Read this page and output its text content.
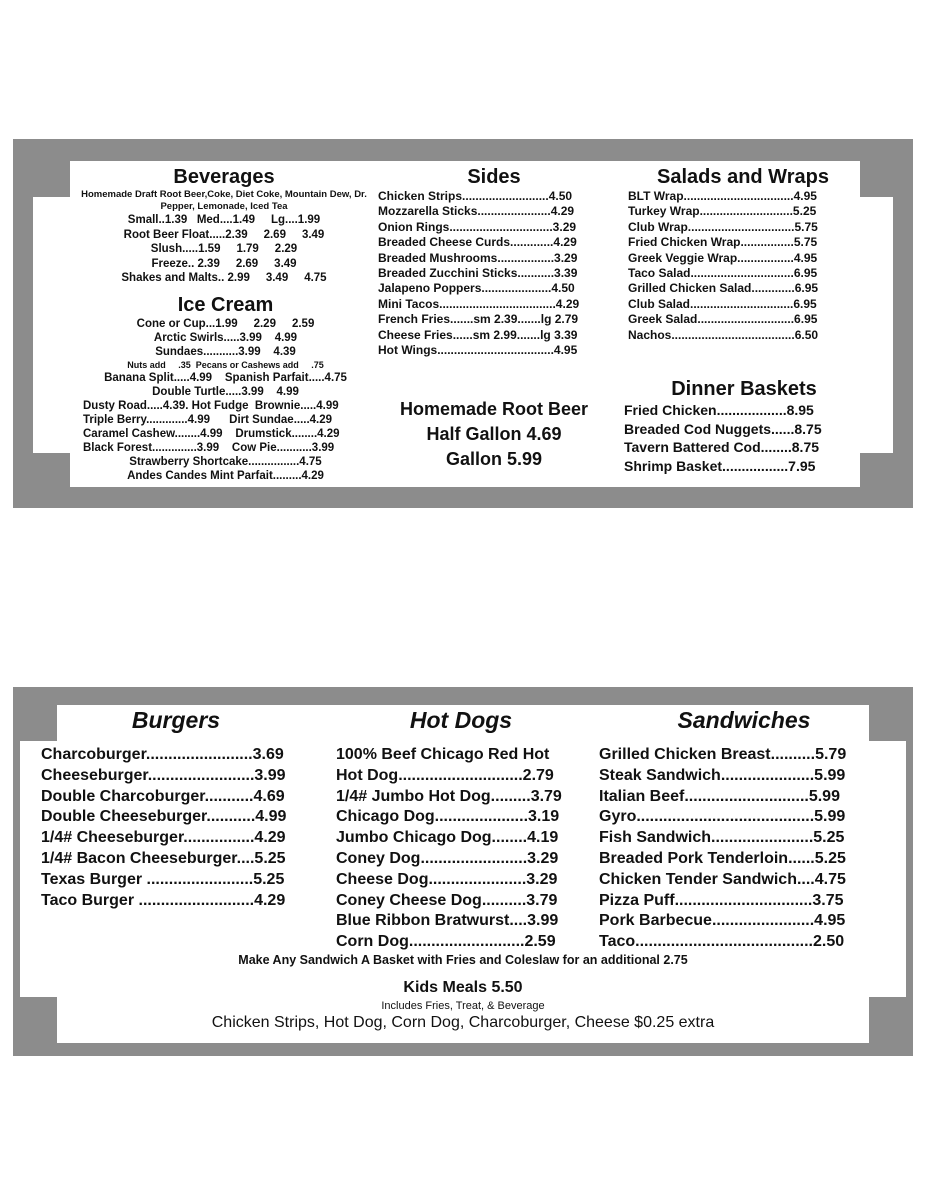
Beverages
Homemade Draft Root Beer,Coke, Diet Coke, Mountain Dew, Dr. Pepper, Lemonade, Iced Tea
Small..1.39   Med....1.49     Lg....1.99
Root Beer Float.....2.39     2.69     3.49
Slush.....1.59     1.79     2.29
Freeze.. 2.39     2.69     3.49
Shakes and Malts.. 2.99     3.49     4.75
Ice Cream
Cone or Cup...1.99     2.29     2.59
Arctic Swirls.....3.99    4.99
Sundaes...........3.99    4.39
Nuts add     .35  Pecans or Cashews add     .75
Banana Split.....4.99    Spanish Parfait.....4.75
Double Turtle.....3.99    4.99
Dusty Road.....4.39. Hot Fudge  Brownie.....4.99
Triple Berry.............4.99      Dirt Sundae.....4.29
Caramel Cashew........4.99    Drumstick........4.29
Black Forest..............3.99    Cow Pie...........3.99
Strawberry Shortcake................4.75
Andes Candes Mint Parfait.........4.29
Sides
Chicken Strips..........................4.50
Mozzarella Sticks......................4.29
Onion Rings...............................3.29
Breaded Cheese Curds.............4.29
Breaded Mushrooms.................3.29
Breaded Zucchini Sticks...........3.39
Jalapeno Poppers.....................4.50
Mini Tacos...................................4.29
French Fries.......sm 2.39.......lg 2.79
Cheese Fries......sm 2.99.......lg 3.39
Hot Wings...................................4.95
Homemade Root Beer
Half Gallon 4.69
Gallon 5.99
Salads and Wraps
BLT Wrap.................................4.95
Turkey Wrap............................5.25
Club Wrap................................5.75
Fried Chicken Wrap................5.75
Greek Veggie Wrap.................4.95
Taco Salad...............................6.95
Grilled Chicken Salad.............6.95
Club Salad...............................6.95
Greek Salad.............................6.95
Nachos.....................................6.50
Dinner Baskets
Fried Chicken..................8.95
Breaded Cod Nuggets......8.75
Tavern Battered Cod........8.75
Shrimp Basket.................7.95
Burgers
Charcoburger........................3.69
Cheeseburger........................3.99
Double Charcoburger...........4.69
Double Cheeseburger...........4.99
1/4# Cheeseburger................4.29
1/4# Bacon Cheeseburger....5.25
Texas Burger ........................5.25
Taco Burger ..........................4.29
Hot Dogs
100% Beef Chicago Red Hot
Hot Dog............................2.79
1/4# Jumbo Hot Dog.........3.79
Chicago Dog.....................3.19
Jumbo Chicago Dog........4.19
Coney Dog........................3.29
Cheese Dog......................3.29
Coney Cheese Dog..........3.79
Blue Ribbon Bratwurst....3.99
Corn Dog..........................2.59
Sandwiches
Grilled Chicken Breast..........5.79
Steak Sandwich.....................5.99
Italian Beef............................5.99
Gyro........................................5.99
Fish Sandwich.......................5.25
Breaded Pork Tenderloin......5.25
Chicken Tender Sandwich....4.75
Pizza Puff...............................3.75
Pork Barbecue.......................4.95
Taco........................................2.50
Make Any Sandwich A Basket with Fries and Coleslaw for an additional 2.75
Kids Meals 5.50
Includes Fries, Treat, & Beverage
Chicken Strips, Hot Dog, Corn Dog, Charcoburger, Cheese $0.25 extra
